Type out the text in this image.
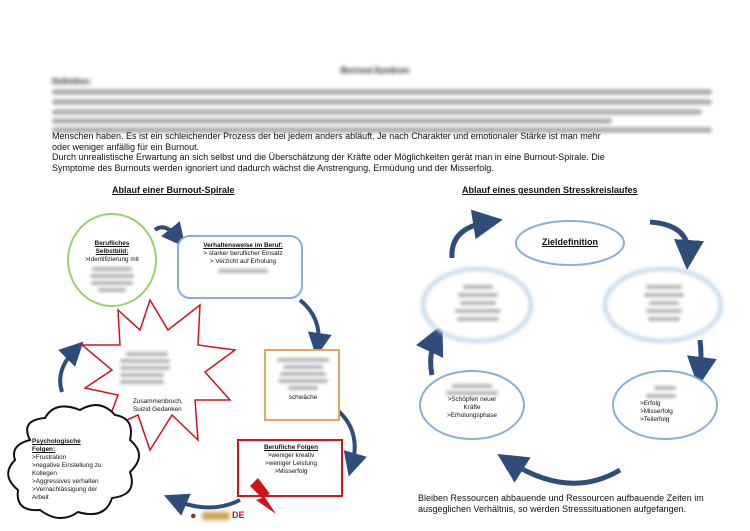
Burnout-Syndrom
Definition:
Menschen haben. Es ist ein schleichender Prozess der bei jedem anders abläuft. Je nach Charakter und emotionaler Stärke ist man mehr
oder weniger anfällig für ein Burnout.
Durch unrealistische Erwartung an sich selbst und die Überschätzung der Kräfte oder Möglichkeiten gerät man in eine Burnout-Spirale. Die
Symptome des Burnouts werden ignoriert und dadurch wächst die Anstrengung, Ermüdung und der Misserfolg.
Ablauf einer Burnout-Spirale
Berufliches
Selbstbild:
>Identifizierung mit
Verhaltensweise im Beruf:
> starker beruflicher Einsatz
> Verzicht auf Erholung
Zusammenbruch,
Suizid Gedanken
schwäche
Berufliche Folgen
>weniger kreativ
>weniger Leistung
>Misserfolg
Psychologische
Folgen:
>Frustration
>negative Einstellung zu
Kollegen
>Aggressives verhalten
>Vernachlässigung der
Arbeit
●	DE
Ablauf eines gesunden Stresskreislaufes
Zieldefinition
>Schöpfen neuer
Kräfte
>Erholungsphase
>Erfolg
>Misserfolg
>Teilerfolg
Bleiben Ressourcen abbauende und Ressourcen aufbauende Zeiten im
ausgeglichen Verhältnis, so werden Stresssituationen aufgefangen.
